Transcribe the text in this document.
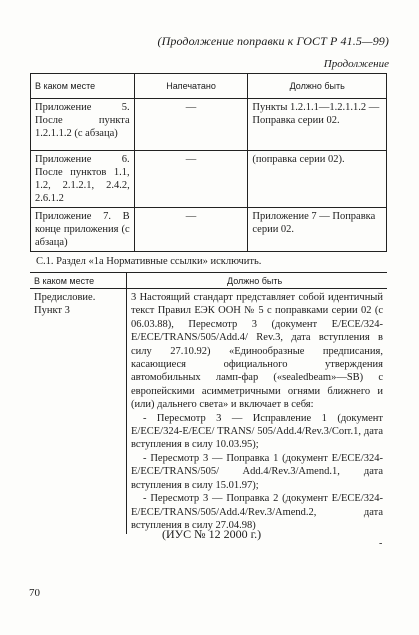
(Продолжение поправки к ГОСТ Р 41.5—99)
Продолжение
В каком месте	Напечатано	Должно быть
Приложение 5. После пункта 1.2.1.1.2 (с абзаца)	—	Пункты 1.2.1.1—1.2.1.1.2 — Поправка серии 02.
Приложение 6. После пунктов 1.1, 1.2, 2.1.2.1, 2.4.2, 2.6.1.2	—	(поправка серии 02).
Приложение 7. В конце приложения (с абзаца)	—	Приложение 7 — Поправка серии 02.
С.1. Раздел «1а Нормативные ссылки» исключить.
В каком месте	Должно быть
Предисловие. Пункт 3	3 Настоящий стандарт представляет собой идентичный текст Правил ЕЭК ООН № 5 с поправками серии 02 (с 06.03.88), Пересмотр 3 (документ E/ECE/324-E/ECE/TRANS/505/Add.4/ Rev.3, дата вступления в силу 27.10.92) «Единообразные предписания, касающиеся официального утверждения автомобильных ламп-фар («sealedbeam»—SB) с европейскими асимметричными огнями ближнего и (или) дальнего света» и включает в себя:

- Пересмотр 3 — Исправление 1 (документ E/ECE/324-E/ECE/ TRANS/ 505/Add.4/Rev.3/Corr.1, дата вступления в силу 10.03.95);

- Пересмотр 3 — Поправка 1 (документ E/ECE/324-E/ECE/TRANS/505/ Add.4/Rev.3/Amend.1, дата вступления в силу 15.01.97);

- Пересмотр 3 — Поправка 2 (документ E/ECE/324-E/ECE/TRANS/505/Add.4/Rev.3/Amend.2, дата вступления в силу 27.04.98)

(ИУС № 12 2000 г.)
-
70
